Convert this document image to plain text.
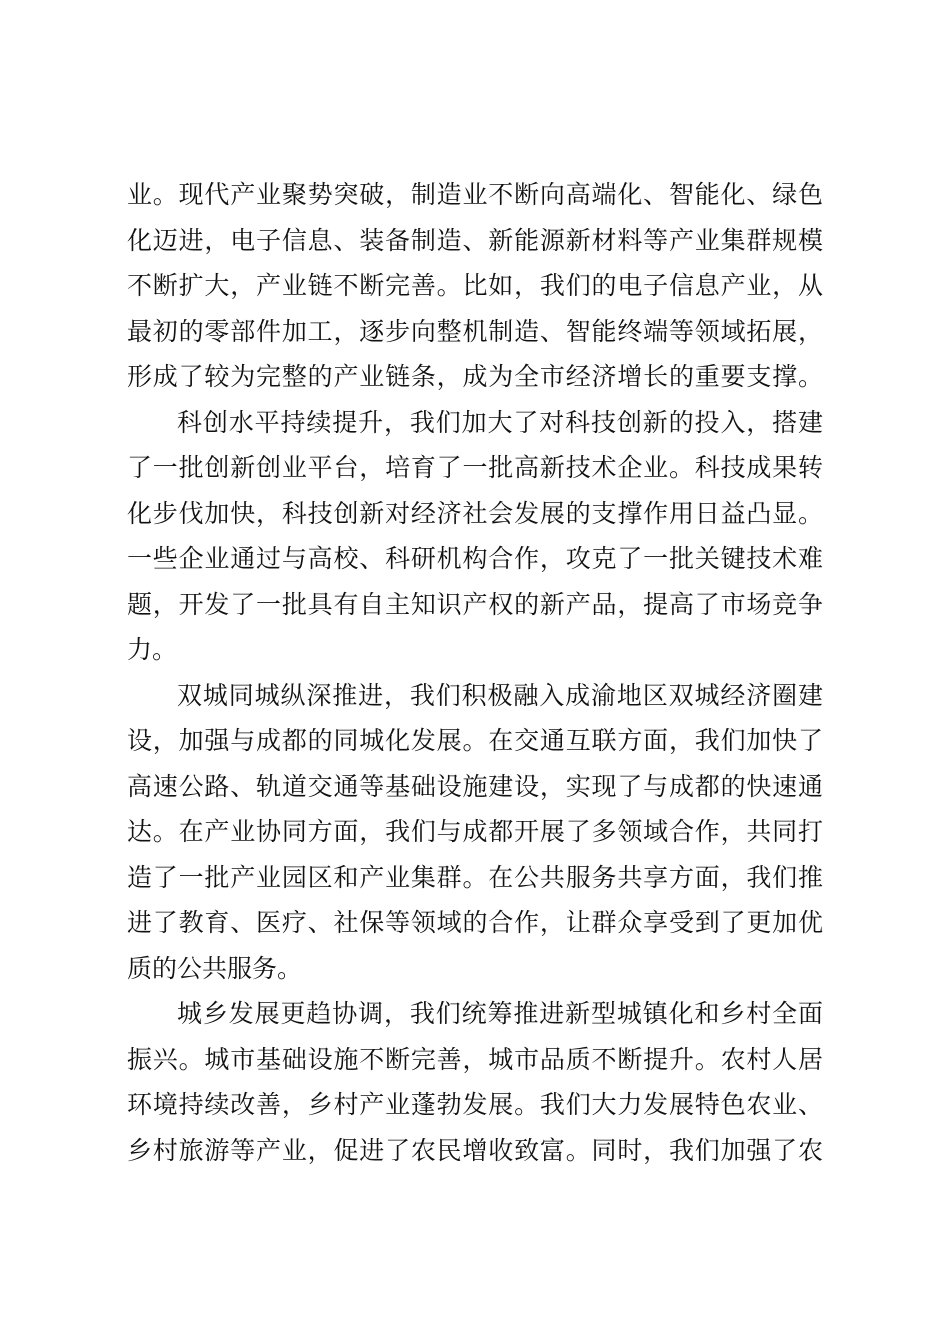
业。现代产业聚势突破，制造业不断向高端化、智能化、绿色
化迈进，电子信息、装备制造、新能源新材料等产业集群规模
不断扩大，产业链不断完善。比如，我们的电子信息产业，从
最初的零部件加工，逐步向整机制造、智能终端等领域拓展，
形成了较为完整的产业链条，成为全市经济增长的重要支撑。
科创水平持续提升，我们加大了对科技创新的投入，搭建
了一批创新创业平台，培育了一批高新技术企业。科技成果转
化步伐加快，科技创新对经济社会发展的支撑作用日益凸显。
一些企业通过与高校、科研机构合作，攻克了一批关键技术难
题，开发了一批具有自主知识产权的新产品，提高了市场竞争
力。
双城同城纵深推进，我们积极融入成渝地区双城经济圈建
设，加强与成都的同城化发展。在交通互联方面，我们加快了
高速公路、轨道交通等基础设施建设，实现了与成都的快速通
达。在产业协同方面，我们与成都开展了多领域合作，共同打
造了一批产业园区和产业集群。在公共服务共享方面，我们推
进了教育、医疗、社保等领域的合作，让群众享受到了更加优
质的公共服务。
城乡发展更趋协调，我们统筹推进新型城镇化和乡村全面
振兴。城市基础设施不断完善，城市品质不断提升。农村人居
环境持续改善，乡村产业蓬勃发展。我们大力发展特色农业、
乡村旅游等产业，促进了农民增收致富。同时，我们加强了农
